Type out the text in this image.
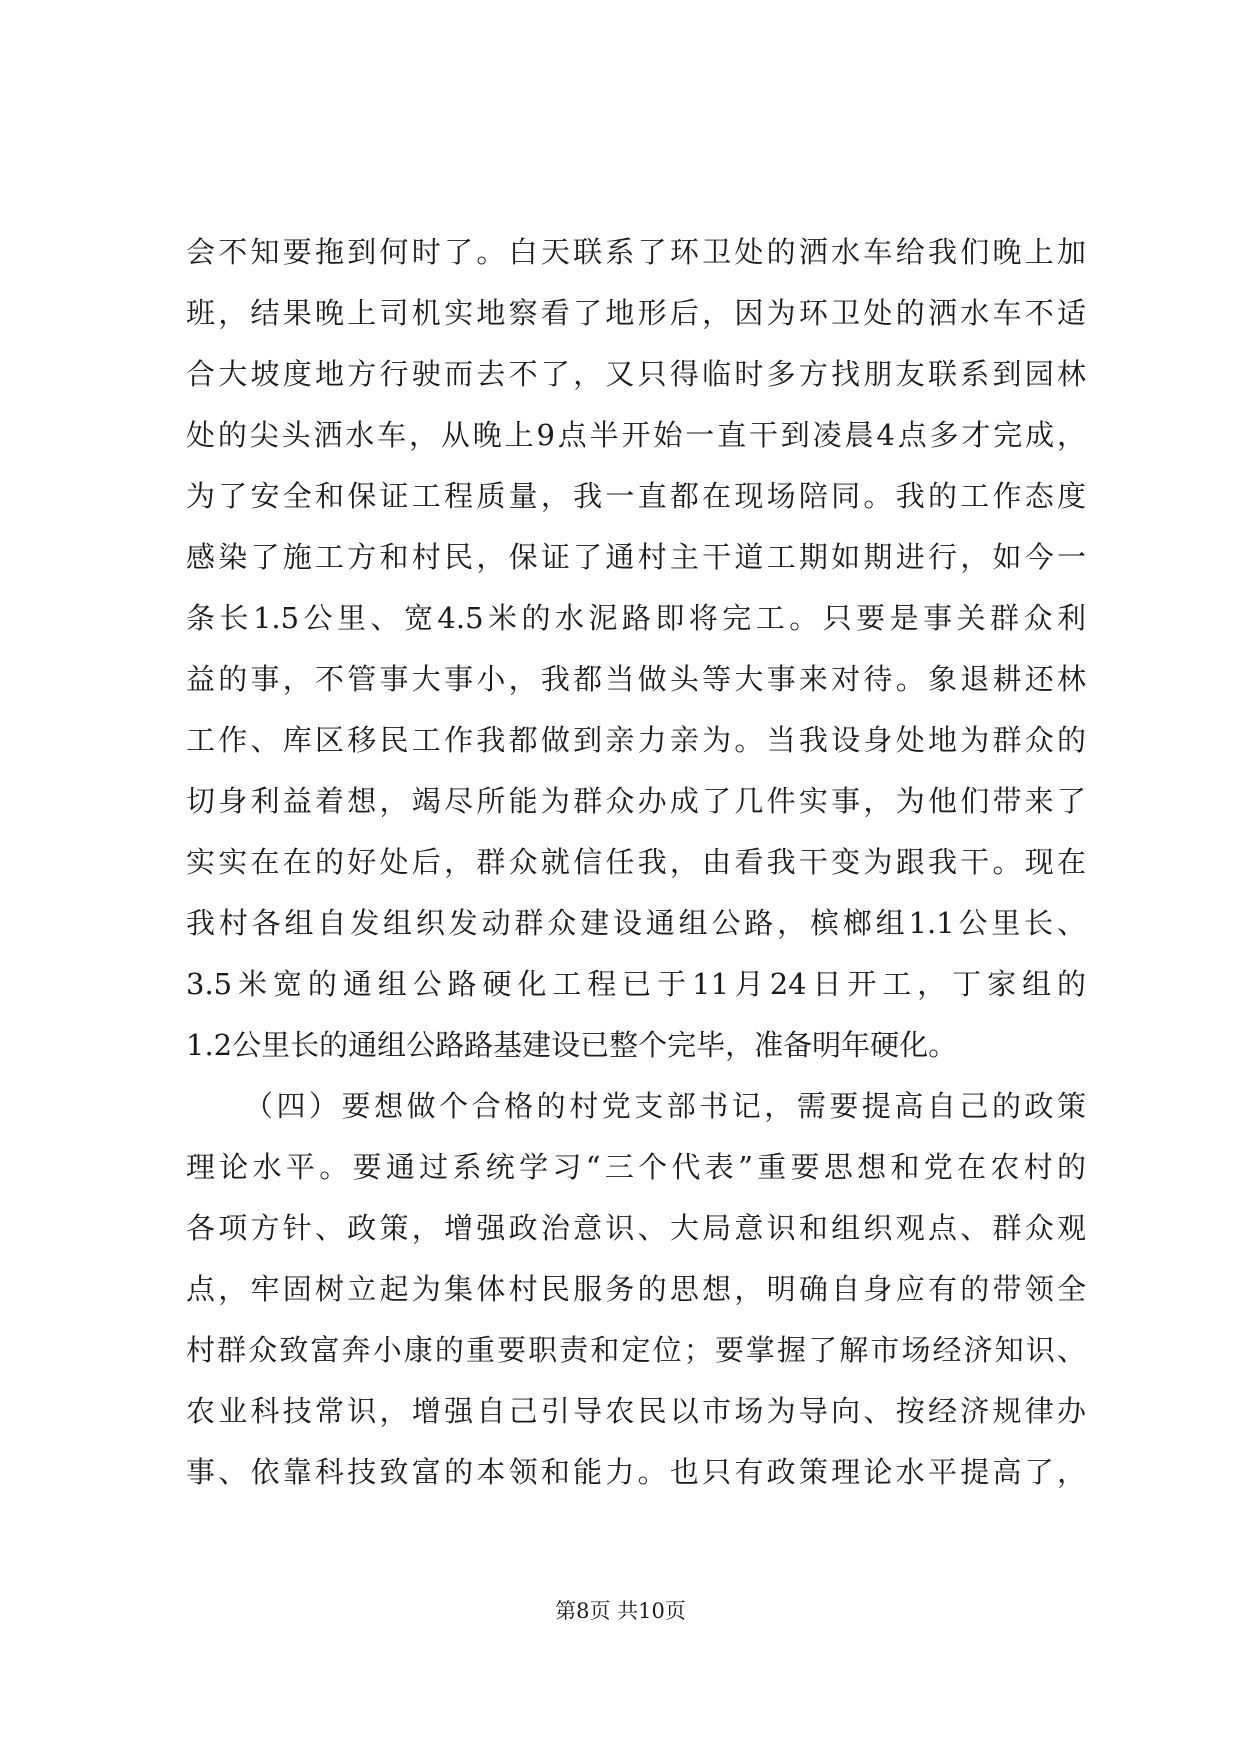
会不知要拖到何时了。白天联系了环卫处的洒水车给我们晚上加
班，结果晚上司机实地察看了地形后，因为环卫处的洒水车不适
合大坡度地方行驶而去不了，又只得临时多方找朋友联系到园林
处的尖头洒水车，从晚上9点半开始一直干到凌晨4点多才完成，
为了安全和保证工程质量，我一直都在现场陪同。我的工作态度
感染了施工方和村民，保证了通村主干道工期如期进行，如今一
条长1.5公里、宽4.5米的水泥路即将完工。只要是事关群众利
益的事，不管事大事小，我都当做头等大事来对待。象退耕还林
工作、库区移民工作我都做到亲力亲为。当我设身处地为群众的
切身利益着想，竭尽所能为群众办成了几件实事，为他们带来了
实实在在的好处后，群众就信任我，由看我干变为跟我干。现在
我村各组自发组织发动群众建设通组公路，槟榔组1.1公里长、
3.5米宽的通组公路硬化工程已于11月24日开工，丁家组的
1.2公里长的通组公路路基建设已整个完毕，准备明年硬化。
（四）要想做个合格的村党支部书记，需要提高自己的政策
理论水平。要通过系统学习“三个代表”重要思想和党在农村的
各项方针、政策，增强政治意识、大局意识和组织观点、群众观
点，牢固树立起为集体村民服务的思想，明确自身应有的带领全
村群众致富奔小康的重要职责和定位；要掌握了解市场经济知识、
农业科技常识，增强自己引导农民以市场为导向、按经济规律办
事、依靠科技致富的本领和能力。也只有政策理论水平提高了，
第8页 共10页
